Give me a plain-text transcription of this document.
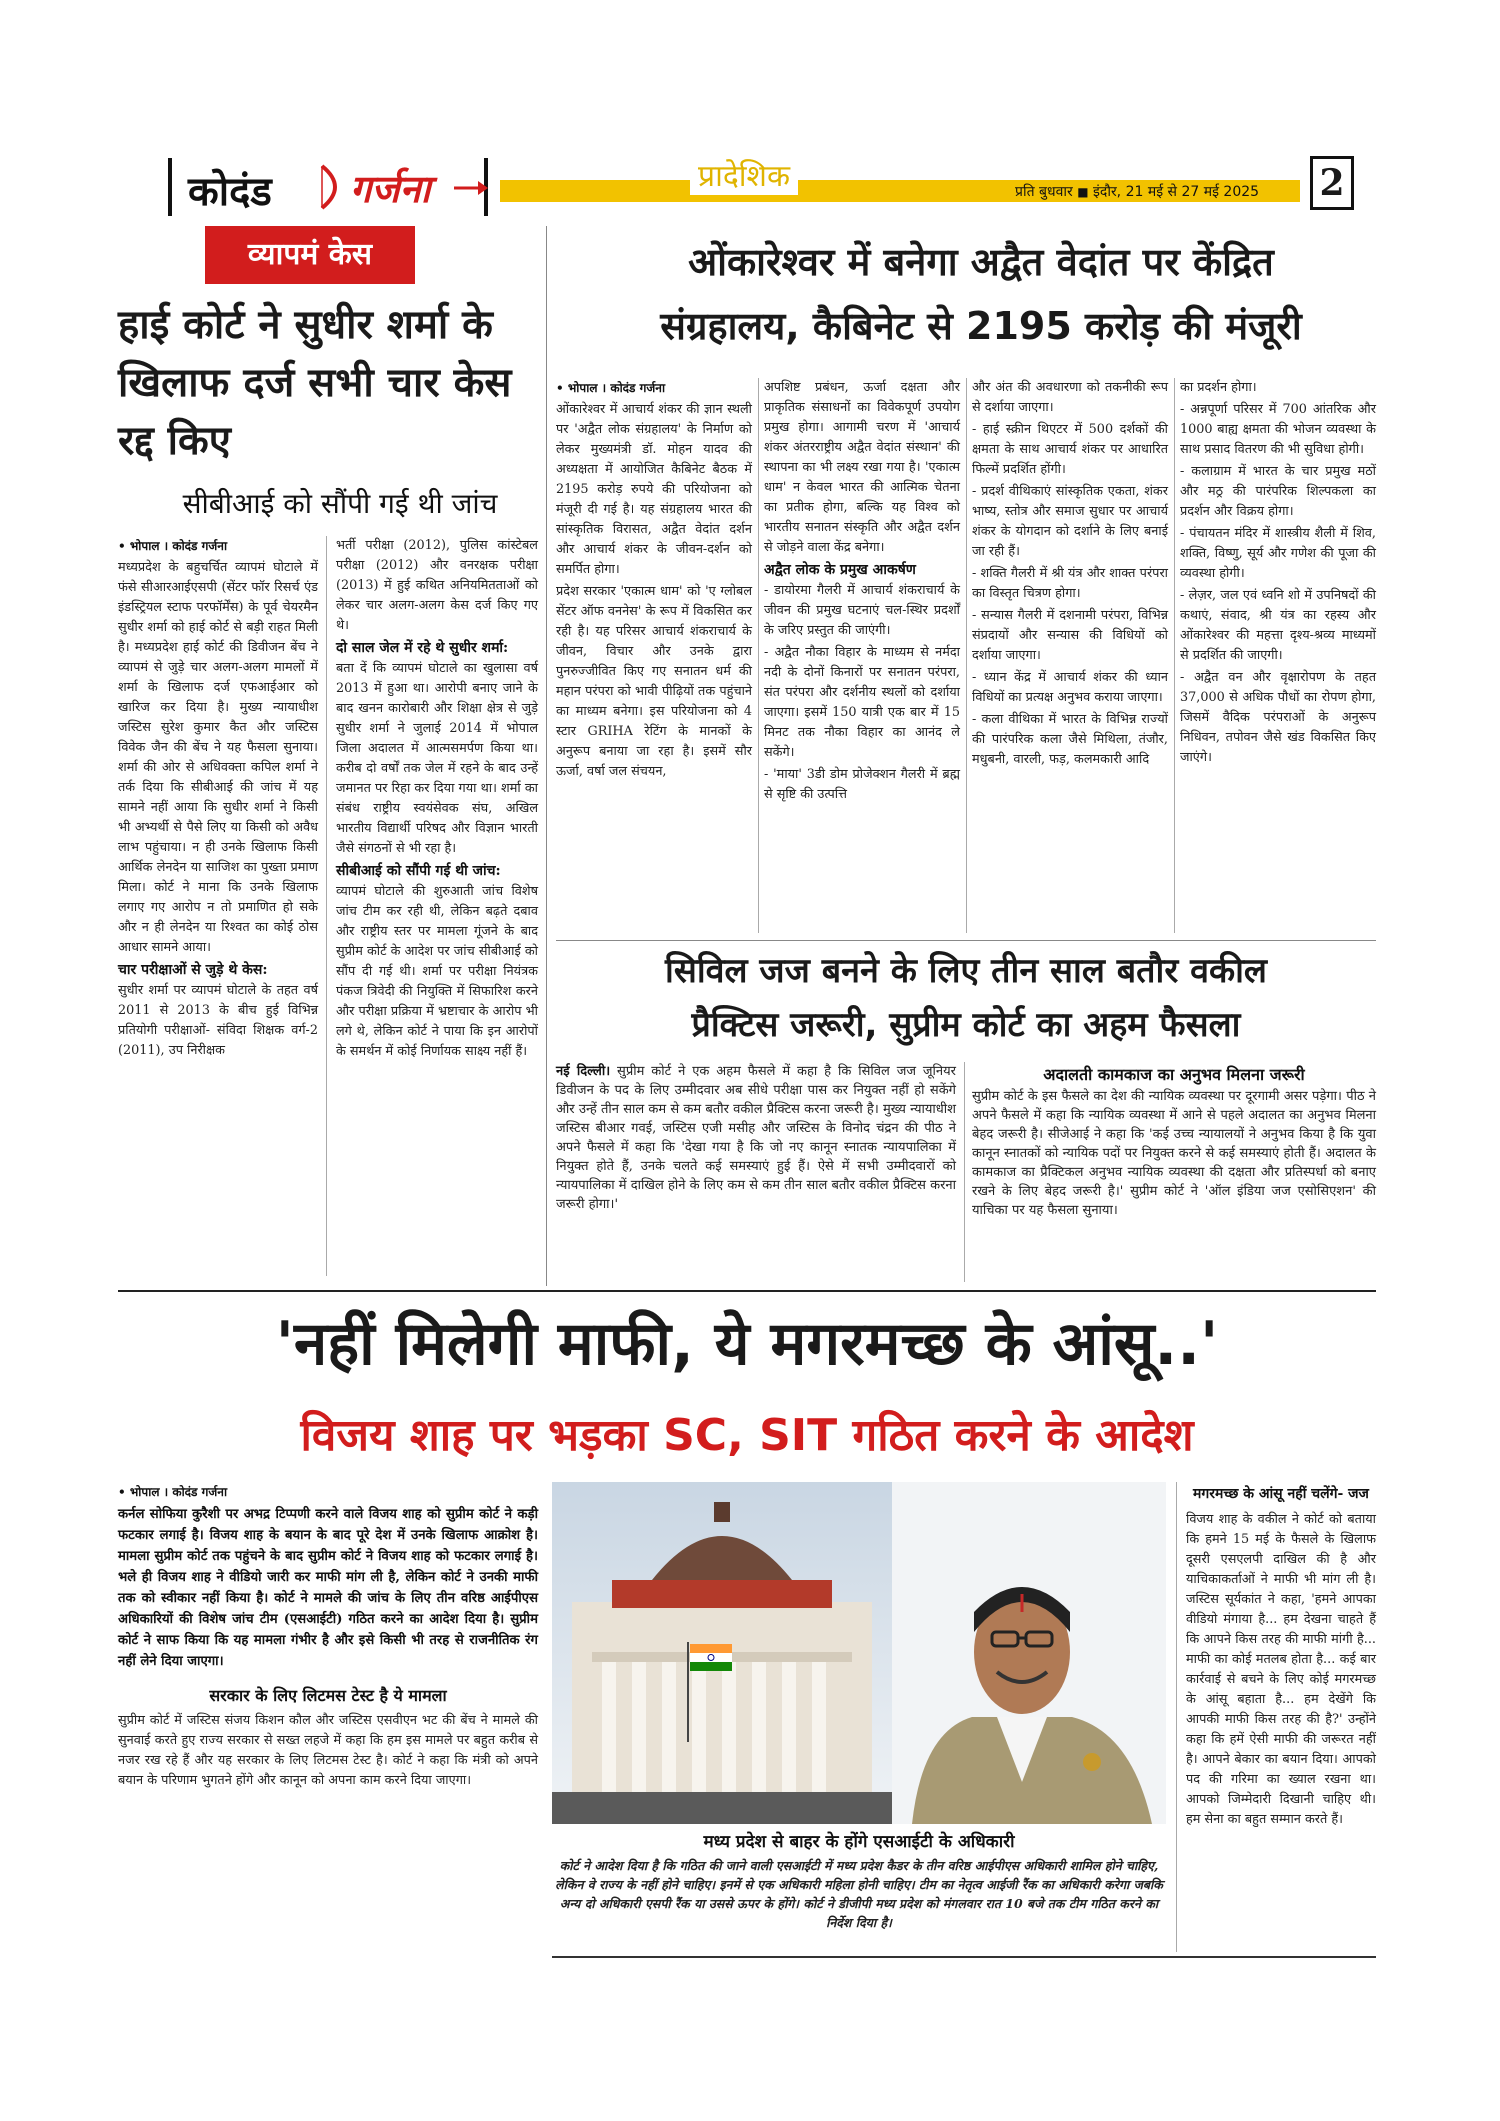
कोदंड गर्जना	प्रादेशिक	प्रति बुधवार ■ इंदौर, 21 मई से 27 मई 2025 2
व्यापमं केस
हाई कोर्ट ने सुधीर शर्मा के खिलाफ दर्ज सभी चार केस रद्द किए
सीबीआई को सौंपी गई थी जांच

• भोपाल । कोदंड गर्जना

मध्यप्रदेश के बहुचर्चित व्यापमं घोटाले में फंसे सीआरआईएसपी (सेंटर फॉर रिसर्च एंड इंडस्ट्रियल स्टाफ परफॉर्मेंस) के पूर्व चेयरमैन सुधीर शर्मा को हाई कोर्ट से बड़ी राहत मिली है। मध्यप्रदेश हाई कोर्ट की डिवीजन बेंच ने व्यापमं से जुड़े चार अलग-अलग मामलों में शर्मा के खिलाफ दर्ज एफआईआर को खारिज कर दिया है। मुख्य न्यायाधीश जस्टिस सुरेश कुमार कैत और जस्टिस विवेक जैन की बेंच ने यह फैसला सुनाया। शर्मा की ओर से अधिवक्ता कपिल शर्मा ने तर्क दिया कि सीबीआई की जांच में यह सामने नहीं आया कि सुधीर शर्मा ने किसी भी अभ्यर्थी से पैसे लिए या किसी को अवैध लाभ पहुंचाया। न ही उनके खिलाफ किसी आर्थिक लेनदेन या साजिश का पुख्ता प्रमाण मिला। कोर्ट ने माना कि उनके खिलाफ लगाए गए आरोप न तो प्रमाणित हो सके और न ही लेनदेन या रिश्वत का कोई ठोस आधार सामने आया।

चार परीक्षाओं से जुड़े थे केस:

सुधीर शर्मा पर व्यापमं घोटाले के तहत वर्ष 2011 से 2013 के बीच हुई विभिन्न प्रतियोगी परीक्षाओं- संविदा शिक्षक वर्ग-2 (2011), उप निरीक्षक

भर्ती परीक्षा (2012), पुलिस कांस्टेबल परीक्षा (2012) और वनरक्षक परीक्षा (2013) में हुई कथित अनियमितताओं को लेकर चार अलग-अलग केस दर्ज किए गए थे।

दो साल जेल में रहे थे सुधीर शर्मा:

बता दें कि व्यापमं घोटाले का खुलासा वर्ष 2013 में हुआ था। आरोपी बनाए जाने के बाद खनन कारोबारी और शिक्षा क्षेत्र से जुड़े सुधीर शर्मा ने जुलाई 2014 में भोपाल जिला अदालत में आत्मसमर्पण किया था। करीब दो वर्षों तक जेल में रहने के बाद उन्हें जमानत पर रिहा कर दिया गया था। शर्मा का संबंध राष्ट्रीय स्वयंसेवक संघ, अखिल भारतीय विद्यार्थी परिषद और विज्ञान भारती जैसे संगठनों से भी रहा है।

सीबीआई को सौंपी गई थी जांच:

व्यापमं घोटाले की शुरुआती जांच विशेष जांच टीम कर रही थी, लेकिन बढ़ते दबाव और राष्ट्रीय स्तर पर मामला गूंजने के बाद सुप्रीम कोर्ट के आदेश पर जांच सीबीआई को सौंप दी गई थी। शर्मा पर परीक्षा नियंत्रक पंकज त्रिवेदी की नियुक्ति में सिफारिश करने और परीक्षा प्रक्रिया में भ्रष्टाचार के आरोप भी लगे थे, लेकिन कोर्ट ने पाया कि इन आरोपों के समर्थन में कोई निर्णायक साक्ष्य नहीं हैं।

ओंकारेश्वर में बनेगा अद्वैत वेदांत पर केंद्रित
संग्रहालय, कैबिनेट से 2195 करोड़ की मंजूरी

• भोपाल । कोदंड गर्जना

ओंकारेश्वर में आचार्य शंकर की ज्ञान स्थली पर 'अद्वैत लोक संग्रहालय' के निर्माण को लेकर मुख्यमंत्री डॉ. मोहन यादव की अध्यक्षता में आयोजित कैबिनेट बैठक में 2195 करोड़ रुपये की परियोजना को मंजूरी दी गई है। यह संग्रहालय भारत की सांस्कृतिक विरासत, अद्वैत वेदांत दर्शन और आचार्य शंकर के जीवन-दर्शन को समर्पित होगा।

प्रदेश सरकार 'एकात्म धाम' को 'ए ग्लोबल सेंटर ऑफ वननेस' के रूप में विकसित कर रही है। यह परिसर आचार्य शंकराचार्य के जीवन, विचार और उनके द्वारा पुनरुज्जीवित किए गए सनातन धर्म की महान परंपरा को भावी पीढ़ियों तक पहुंचाने का माध्यम बनेगा। इस परियोजना को 4 स्टार GRIHA रेटिंग के मानकों के अनुरूप बनाया जा रहा है। इसमें सौर ऊर्जा, वर्षा जल संचयन,

अपशिष्ट प्रबंधन, ऊर्जा दक्षता और प्राकृतिक संसाधनों का विवेकपूर्ण उपयोग प्रमुख होगा। आगामी चरण में 'आचार्य शंकर अंतरराष्ट्रीय अद्वैत वेदांत संस्थान' की स्थापना का भी लक्ष्य रखा गया है। 'एकात्म धाम' न केवल भारत की आत्मिक चेतना का प्रतीक होगा, बल्कि यह विश्व को भारतीय सनातन संस्कृति और अद्वैत दर्शन से जोड़ने वाला केंद्र बनेगा।

अद्वैत लोक के प्रमुख आकर्षण

- डायोरमा गैलरी में आचार्य शंकराचार्य के जीवन की प्रमुख घटनाएं चल-स्थिर प्रदर्शों के जरिए प्रस्तुत की जाएंगी।

- अद्वैत नौका विहार के माध्यम से नर्मदा नदी के दोनों किनारों पर सनातन परंपरा, संत परंपरा और दर्शनीय स्थलों को दर्शाया जाएगा। इसमें 150 यात्री एक बार में 15 मिनट तक नौका विहार का आनंद ले सकेंगे।

- 'माया' 3डी डोम प्रोजेक्शन गैलरी में ब्रह्म से सृष्टि की उत्पत्ति

और अंत की अवधारणा को तकनीकी रूप से दर्शाया जाएगा।

- हाई स्क्रीन थिएटर में 500 दर्शकों की क्षमता के साथ आचार्य शंकर पर आधारित फिल्में प्रदर्शित होंगी।

- प्रदर्श वीथिकाएं सांस्कृतिक एकता, शंकर भाष्य, स्तोत्र और समाज सुधार पर आचार्य शंकर के योगदान को दर्शाने के लिए बनाई जा रही हैं।

- शक्ति गैलरी में श्री यंत्र और शाक्त परंपरा का विस्तृत चित्रण होगा।

- सन्यास गैलरी में दशनामी परंपरा, विभिन्न संप्रदायों और सन्यास की विधियों को दर्शाया जाएगा।

- ध्यान केंद्र में आचार्य शंकर की ध्यान विधियों का प्रत्यक्ष अनुभव कराया जाएगा।

- कला वीथिका में भारत के विभिन्न राज्यों की पारंपरिक कला जैसे मिथिला, तंजौर, मधुबनी, वारली, फड़, कलमकारी आदि

का प्रदर्शन होगा।

- अन्नपूर्णा परिसर में 700 आंतरिक और 1000 बाह्य क्षमता की भोजन व्यवस्था के साथ प्रसाद वितरण की भी सुविधा होगी।

- कलाग्राम में भारत के चार प्रमुख मठों और मठ्र की पारंपरिक शिल्पकला का प्रदर्शन और विक्रय होगा।

- पंचायतन मंदिर में शास्त्रीय शैली में शिव, शक्ति, विष्णु, सूर्य और गणेश की पूजा की व्यवस्था होगी।

- लेज़र, जल एवं ध्वनि शो में उपनिषदों की कथाएं, संवाद, श्री यंत्र का रहस्य और ओंकारेश्वर की महत्ता दृश्य-श्रव्य माध्यमों से प्रदर्शित की जाएगी।

- अद्वैत वन और वृक्षारोपण के तहत 37,000 से अधिक पौधों का रोपण होगा, जिसमें वैदिक परंपराओं के अनुरूप निधिवन, तपोवन जैसे खंड विकसित किए जाएंगे।

सिविल जज बनने के लिए तीन साल बतौर वकील
प्रैक्टिस जरूरी, सुप्रीम कोर्ट का अहम फैसला

नई दिल्ली। सुप्रीम कोर्ट ने एक अहम फैसले में कहा है कि सिविल जज जूनियर डिवीजन के पद के लिए उम्मीदवार अब सीधे परीक्षा पास कर नियुक्त नहीं हो सकेंगे और उन्हें तीन साल कम से कम बतौर वकील प्रैक्टिस करना जरूरी है। मुख्य न्यायाधीश जस्टिस बीआर गवई, जस्टिस एजी मसीह और जस्टिस के विनोद चंद्रन की पीठ ने अपने फैसले में कहा कि 'देखा गया है कि जो नए कानून स्नातक न्यायपालिका में नियुक्त होते हैं, उनके चलते कई समस्याएं हुई हैं। ऐसे में सभी उम्मीदवारों को न्यायपालिका में दाखिल होने के लिए कम से कम तीन साल बतौर वकील प्रैक्टिस करना जरूरी होगा।'

अदालती कामकाज का अनुभव मिलना जरूरी

सुप्रीम कोर्ट के इस फैसले का देश की न्यायिक व्यवस्था पर दूरगामी असर पड़ेगा। पीठ ने अपने फैसले में कहा कि न्यायिक व्यवस्था में आने से पहले अदालत का अनुभव मिलना बेहद जरूरी है। सीजेआई ने कहा कि 'कई उच्च न्यायालयों ने अनुभव किया है कि युवा कानून स्नातकों को न्यायिक पदों पर नियुक्त करने से कई समस्याएं होती हैं। अदालत के कामकाज का प्रैक्टिकल अनुभव न्यायिक व्यवस्था की दक्षता और प्रतिस्पर्धा को बनाए रखने के लिए बेहद जरूरी है।' सुप्रीम कोर्ट ने 'ऑल इंडिया जज एसोसिएशन' की याचिका पर यह फैसला सुनाया।

'नहीं मिलेगी माफी, ये मगरमच्छ के आंसू..'
विजय शाह पर भड़का SC, SIT गठित करने के आदेश

• भोपाल । कोदंड गर्जना

कर्नल सोफिया कुरैशी पर अभद्र टिप्पणी करने वाले विजय शाह को सुप्रीम कोर्ट ने कड़ी फटकार लगाई है। विजय शाह के बयान के बाद पूरे देश में उनके खिलाफ आक्रोश है। मामला सुप्रीम कोर्ट तक पहुंचने के बाद सुप्रीम कोर्ट ने विजय शाह को फटकार लगाई है। भले ही विजय शाह ने वीडियो जारी कर माफी मांग ली है, लेकिन कोर्ट ने उनकी माफी तक को स्वीकार नहीं किया है। कोर्ट ने मामले की जांच के लिए तीन वरिष्ठ आईपीएस अधिकारियों की विशेष जांच टीम (एसआईटी) गठित करने का आदेश दिया है। सुप्रीम कोर्ट ने साफ किया कि यह मामला गंभीर है और इसे किसी भी तरह से राजनीतिक रंग नहीं लेने दिया जाएगा।

सरकार के लिए लिटमस टेस्ट है ये मामला

सुप्रीम कोर्ट में जस्टिस संजय किशन कौल और जस्टिस एसवीएन भट की बेंच ने मामले की सुनवाई करते हुए राज्य सरकार से सख्त लहजे में कहा कि हम इस मामले पर बहुत करीब से नजर रख रहे हैं और यह सरकार के लिए लिटमस टेस्ट है। कोर्ट ने कहा कि मंत्री को अपने बयान के परिणाम भुगतने होंगे और कानून को अपना काम करने दिया जाएगा।

मध्य प्रदेश से बाहर के होंगे एसआईटी के अधिकारी
कोर्ट ने आदेश दिया है कि गठित की जाने वाली एसआईटी में मध्य प्रदेश कैडर के तीन वरिष्ठ आईपीएस अधिकारी शामिल होने चाहिए, लेकिन वे राज्य के नहीं होने चाहिए। इनमें से एक अधिकारी महिला होनी चाहिए। टीम का नेतृत्व आईजी रैंक का अधिकारी करेगा जबकि अन्य दो अधिकारी एसपी रैंक या उससे ऊपर के होंगे। कोर्ट ने डीजीपी मध्य प्रदेश को मंगलवार रात 10 बजे तक टीम गठित करने का निर्देश दिया है।

मगरमच्छ के आंसू नहीं चलेंगे- जज

विजय शाह के वकील ने कोर्ट को बताया कि हमने 15 मई के फैसले के खिलाफ दूसरी एसएलपी दाखिल की है और याचिकाकर्ताओं ने माफी भी मांग ली है। जस्टिस सूर्यकांत ने कहा, 'हमने आपका वीडियो मंगाया है... हम देखना चाहते हैं कि आपने किस तरह की माफी मांगी है... माफी का कोई मतलब होता है... कई बार कार्रवाई से बचने के लिए कोई मगरमच्छ के आंसू बहाता है... हम देखेंगे कि आपकी माफी किस तरह की है?' उन्होंने कहा कि हमें ऐसी माफी की जरूरत नहीं है। आपने बेकार का बयान दिया। आपको पद की गरिमा का ख्याल रखना था। आपको जिम्मेदारी दिखानी चाहिए थी। हम सेना का बहुत सम्मान करते हैं।
